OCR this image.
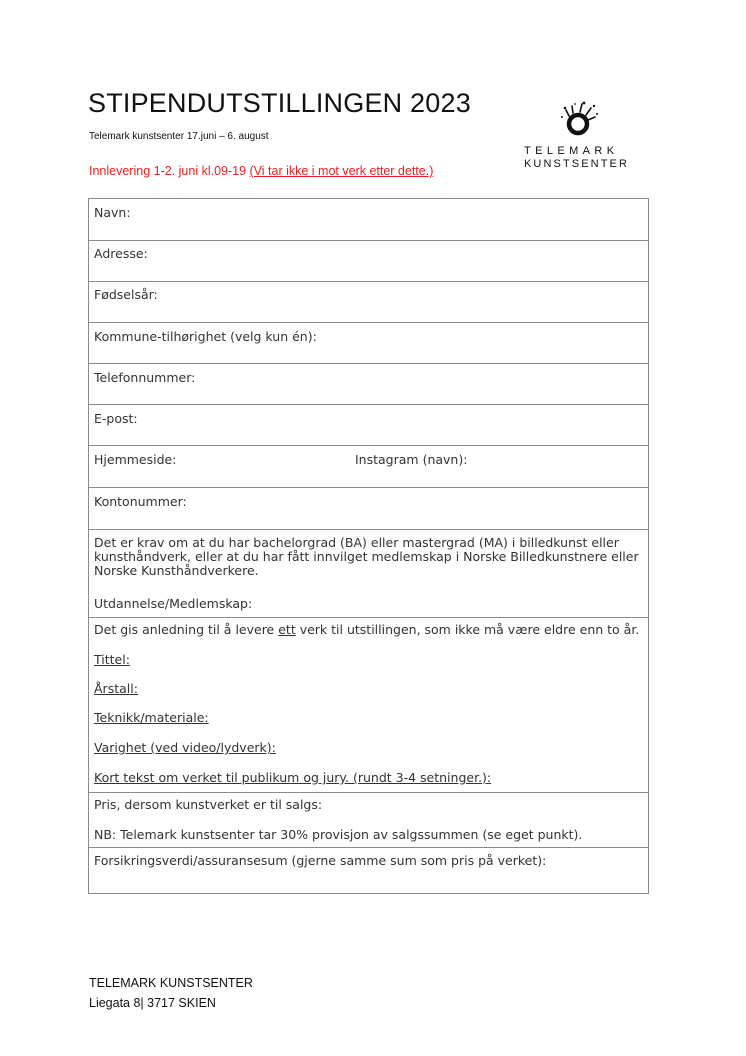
STIPENDUTSTILLINGEN 2023
Telemark kunstsenter 17.juni – 6. august
Innlevering 1-2. juni kl.09-19 (Vi tar ikke i mot verk etter dette.)
TELEMARK
KUNSTSENTER
Navn:
Adresse:
Fødselsår:
Kommune-tilhørighet (velg kun én):
Telefonnummer:
E-post:
Hjemmeside:	Instagram (navn):
Kontonummer:
Det er krav om at du har bachelorgrad (BA) eller mastergrad (MA) i billedkunst eller kunsthåndverk, eller at du har fått innvilget medlemskap i Norske Billedkunstnere eller Norske Kunsthåndverkere.
Utdannelse/Medlemskap:
Det gis anledning til å levere ett verk til utstillingen, som ikke må være eldre enn to år.
Tittel:
Årstall:
Teknikk/materiale:
Varighet (ved video/lydverk):
Kort tekst om verket til publikum og jury. (rundt 3-4 setninger.):
Pris, dersom kunstverket er til salgs:
NB: Telemark kunstsenter tar 30% provisjon av salgssummen (se eget punkt).
Forsikringsverdi/assuransesum (gjerne samme sum som pris på verket):
TELEMARK KUNSTSENTER
Liegata 8| 3717 SKIEN
